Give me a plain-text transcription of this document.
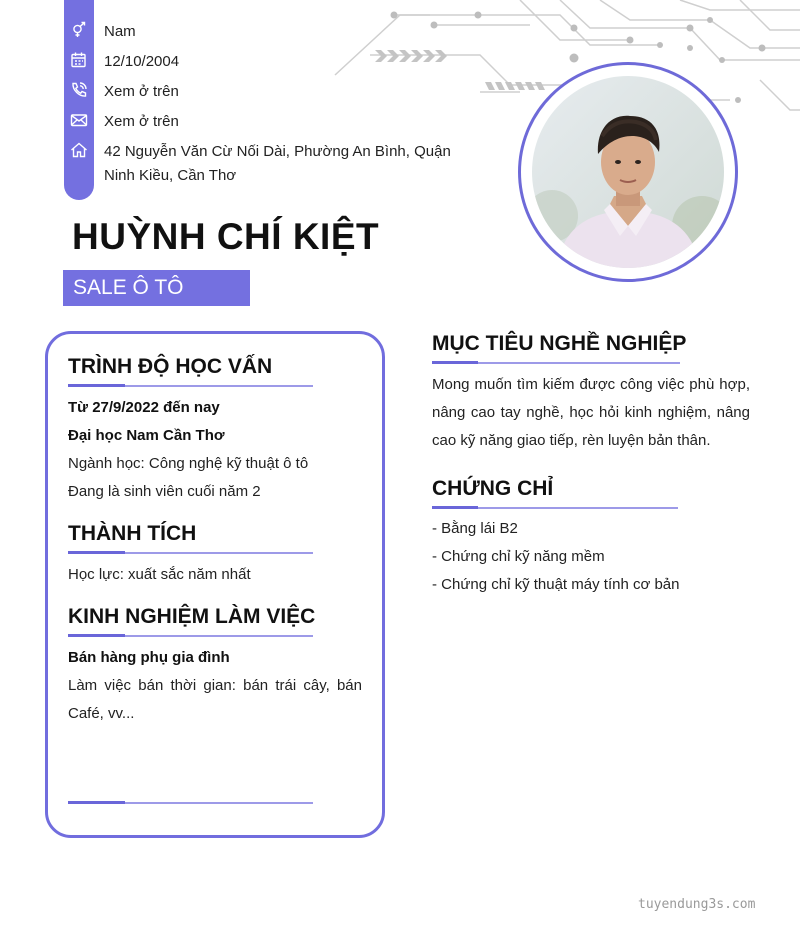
Nam
12/10/2004
Xem ở trên
Xem ở trên
42 Nguyễn Văn Cừ Nối Dài, Phường An Bình, Quận Ninh Kiều, Cần Thơ
HUỲNH CHÍ KIỆT
SALE Ô TÔ
TRÌNH ĐỘ HỌC VẤN

Từ 27/9/2022 đến nay

Đại học Nam Cần Thơ

Ngành học: Công nghệ kỹ thuật ô tô

Đang là sinh viên cuối năm 2

THÀNH TÍCH

Học lực: xuất sắc năm nhất

KINH NGHIỆM LÀM VIỆC

Bán hàng phụ gia đình

Làm việc bán thời gian: bán trái cây, bán Café, vv...

MỤC TIÊU NGHỀ NGHIỆP

Mong muốn tìm kiếm được công việc phù hợp, nâng cao tay nghề, học hỏi kinh nghiệm, nâng cao kỹ năng giao tiếp, rèn luyện bản thân.

CHỨNG CHỈ

- Bằng lái B2

- Chứng chỉ kỹ năng mềm

- Chứng chỉ kỹ thuật máy tính cơ bản

tuyendung3s.com
